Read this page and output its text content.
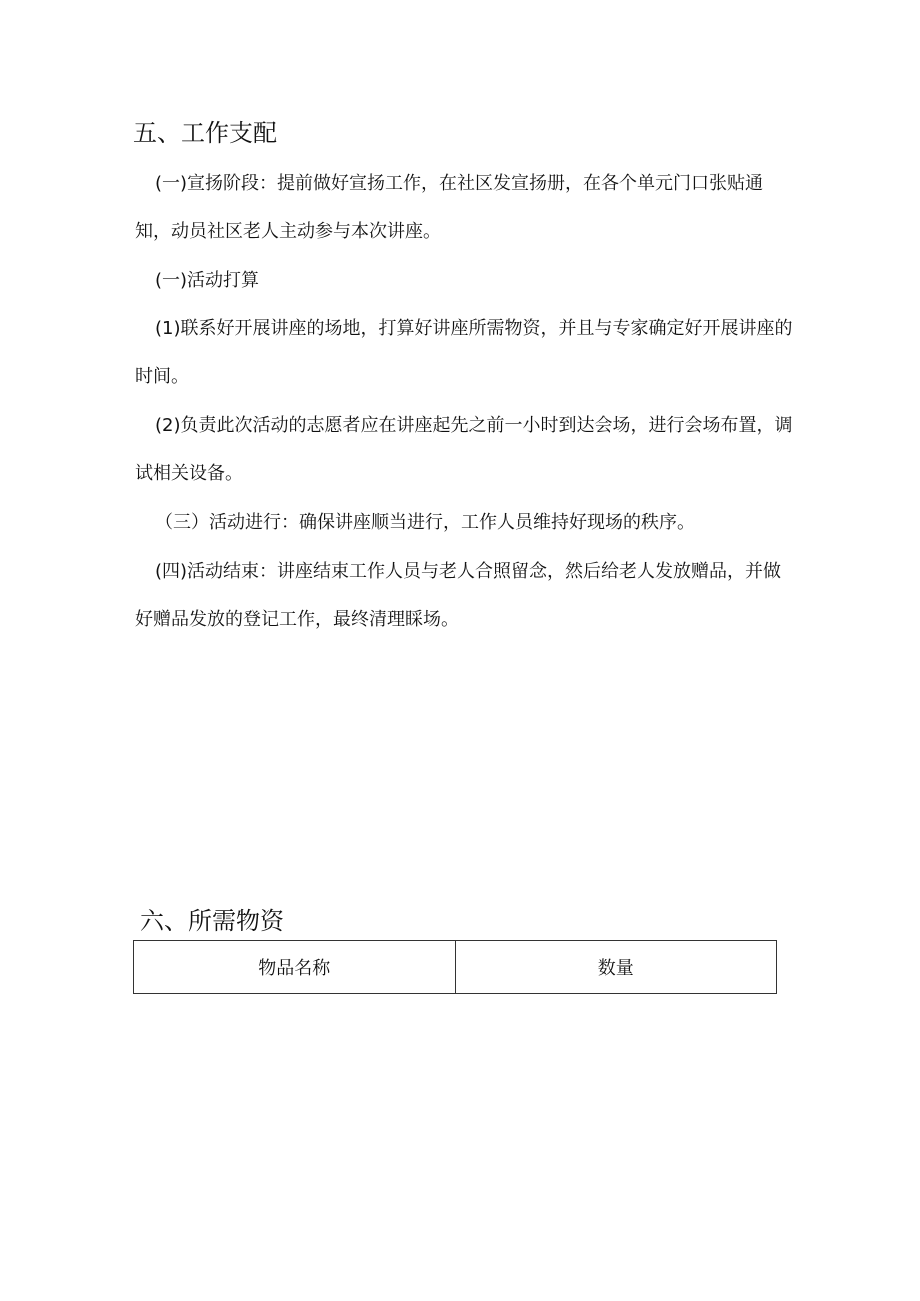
五、工作支配

(一)宣扬阶段：提前做好宣扬工作，在社区发宣扬册，在各个单元门口张贴通
知，动员社区老人主动参与本次讲座。

(一)活动打算

(1)联系好开展讲座的场地，打算好讲座所需物资，并且与专家确定好开展讲座的
时间。

(2)负责此次活动的志愿者应在讲座起先之前一小时到达会场，进行会场布置，调
试相关设备。

（三）活动进行：确保讲座顺当进行，工作人员维持好现场的秩序。

(四)活动结束：讲座结束工作人员与老人合照留念，然后给老人发放赠品，并做
好赠品发放的登记工作，最终清理睬场。

六、所需物资
物品名称	数量
